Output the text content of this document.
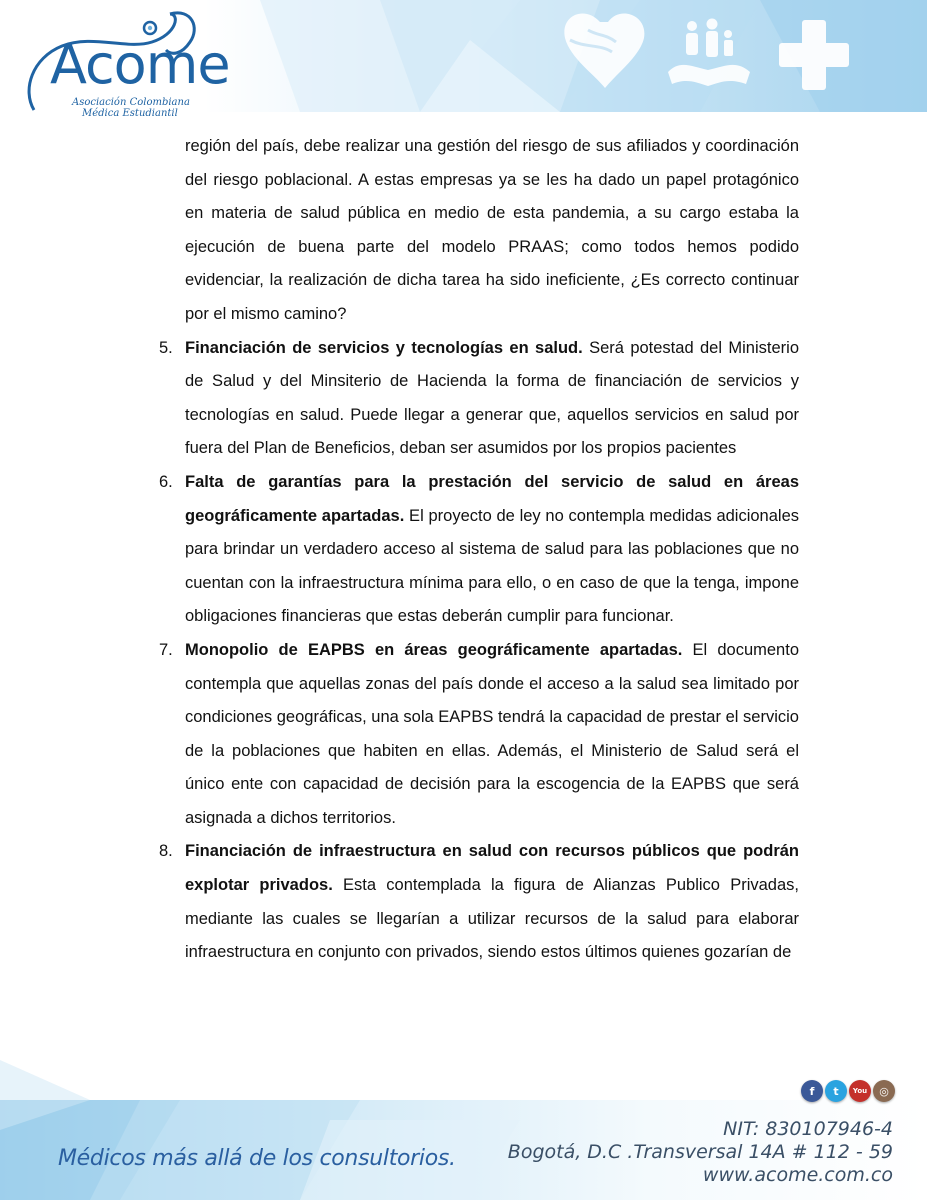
Acome
Asociación Colombiana
Médica Estudiantil

región del país, debe realizar una gestión del riesgo de sus afiliados y coordinación del riesgo poblacional. A estas empresas ya se les ha dado un papel protagónico en materia de salud pública en medio de esta pandemia, a su cargo estaba la ejecución de buena parte del modelo PRAAS; como todos hemos podido evidenciar, la realización de dicha tarea ha sido ineficiente, ¿Es correcto continuar por el mismo camino?

5. Financiación de servicios y tecnologías en salud. Será potestad del Ministerio de Salud y del Minsiterio de Hacienda la forma de financiación de servicios y tecnologías en salud. Puede llegar a generar que, aquellos servicios en salud por fuera del Plan de Beneficios, deban ser asumidos por los propios pacientes
6. Falta de garantías para la prestación del servicio de salud en áreas geográficamente apartadas. El proyecto de ley no contempla medidas adicionales para brindar un verdadero acceso al sistema de salud para las poblaciones que no cuentan con la infraestructura mínima para ello, o en caso de que la tenga, impone obligaciones financieras que estas deberán cumplir para funcionar.
7. Monopolio de EAPBS en áreas geográficamente apartadas. El documento contempla que aquellas zonas del país donde el acceso a la salud sea limitado por condiciones geográficas, una sola EAPBS tendrá la capacidad de prestar el servicio de la poblaciones que habiten en ellas. Además, el Ministerio de Salud será el único ente con capacidad de decisión para la escogencia de la EAPBS que será asignada a dichos territorios.
8. Financiación de infraestructura en salud con recursos públicos que podrán explotar privados. Esta contemplada la figura de Alianzas Publico Privadas, mediante las cuales se llegarían a utilizar recursos de la salud para elaborar infraestructura en conjunto con privados, siendo estos últimos quienes gozarían de
f	t	You	◎
Médicos más allá de los consultorios.
NIT: 830107946-4
Bogotá, D.C .Transversal 14A # 112 - 59
www.acome.com.co
